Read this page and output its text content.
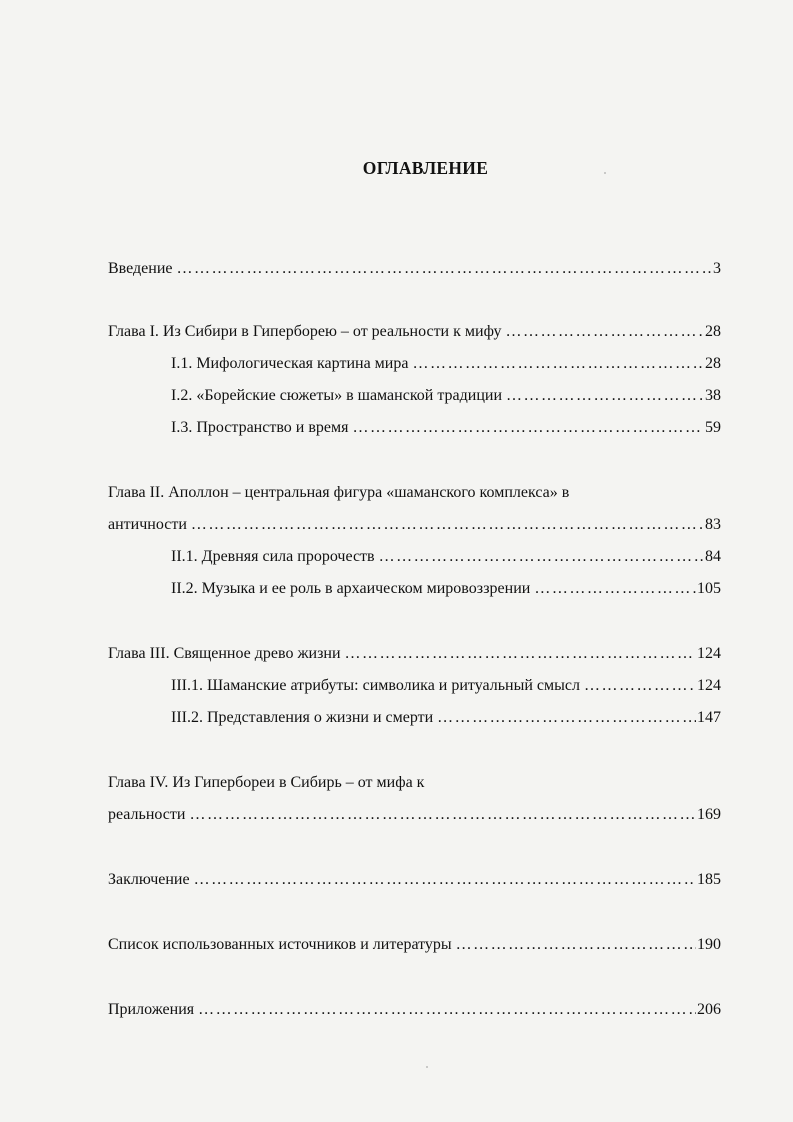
ОГЛАВЛЕНИЕ
Введение …………………………………………………………………………………………………………………………………………………………	3
Глава I. Из Сибири в Гиперборею – от реальности к мифу …………………………………………………………………………………………………………………………………………………………	28
I.1. Мифологическая картина мира …………………………………………………………………………………………………………………………………………………………	28
I.2. «Борейские сюжеты» в шаманской традиции …………………………………………………………………………………………………………………………………………………………	38
I.3. Пространство и время …………………………………………………………………………………………………………………………………………………………	59
Глава II. Аполлон – центральная фигура «шаманского комплекса» в
античности …………………………………………………………………………………………………………………………………………………………	83
II.1. Древняя сила пророчеств …………………………………………………………………………………………………………………………………………………………	84
II.2. Музыка и ее роль в архаическом мировоззрении …………………………………………………………………………………………………………………………………………………………	105
Глава III. Священное древо жизни …………………………………………………………………………………………………………………………………………………………	124
III.1. Шаманские атрибуты: символика и ритуальный смысл …………………………………………………………………………………………………………………………………………………………	124
III.2. Представления о жизни и смерти …………………………………………………………………………………………………………………………………………………………	147
Глава IV. Из Гипербореи в Сибирь – от мифа к
реальности …………………………………………………………………………………………………………………………………………………………	169
Заключение …………………………………………………………………………………………………………………………………………………………	185
Список использованных источников и литературы …………………………………………………………………………………………………………………………………………………………	190
Приложения …………………………………………………………………………………………………………………………………………………………	206
